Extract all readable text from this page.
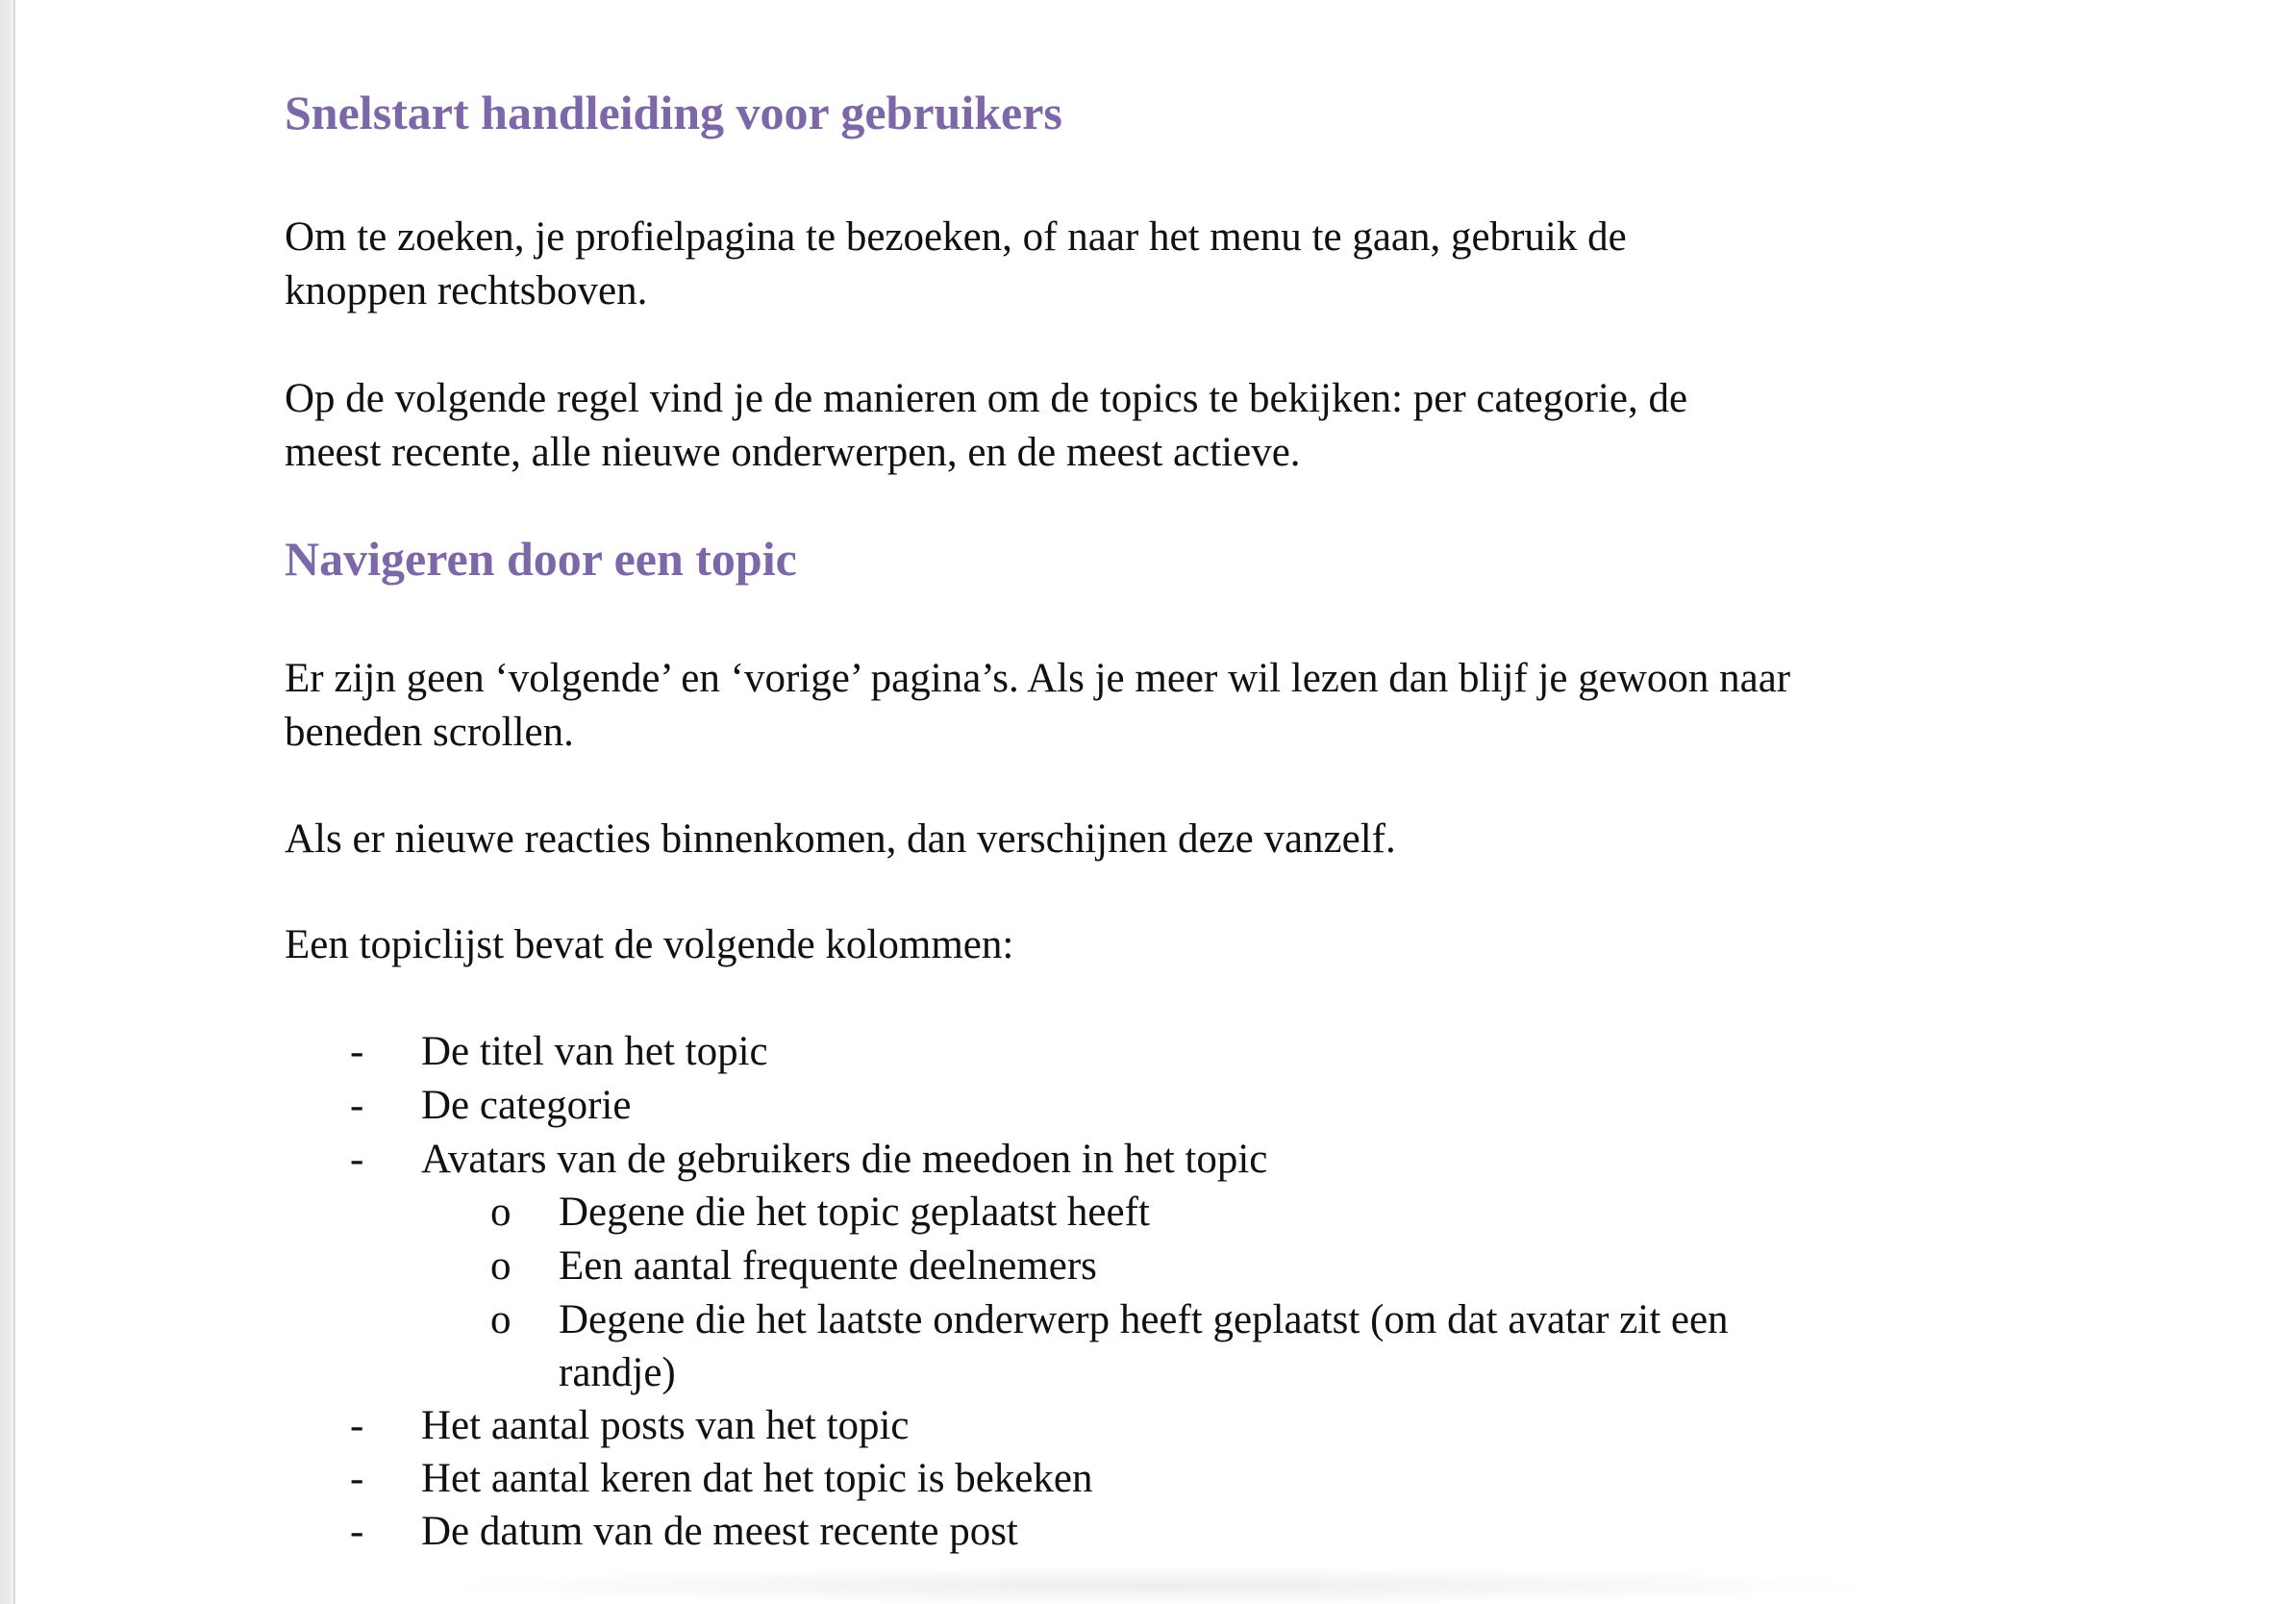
Snelstart handleiding voor gebruikers

Om te zoeken, je profielpagina te bezoeken, of naar het menu te gaan, gebruik de
knoppen rechtsboven.

Op de volgende regel vind je de manieren om de topics te bekijken: per categorie, de
meest recente, alle nieuwe onderwerpen, en de meest actieve.

Navigeren door een topic

Er zijn geen ‘volgende’ en ‘vorige’ pagina’s. Als je meer wil lezen dan blijf je gewoon naar
beneden scrollen.

Als er nieuwe reacties binnenkomen, dan verschijnen deze vanzelf.

Een topiclijst bevat de volgende kolommen:

- De titel van het topic
- De categorie
- Avatars van de gebruikers die meedoen in het topic
o Degene die het topic geplaatst heeft
o Een aantal frequente deelnemers
o Degene die het laatste onderwerp heeft geplaatst (om dat avatar zit een
randje)
- Het aantal posts van het topic
- Het aantal keren dat het topic is bekeken
- De datum van de meest recente post
